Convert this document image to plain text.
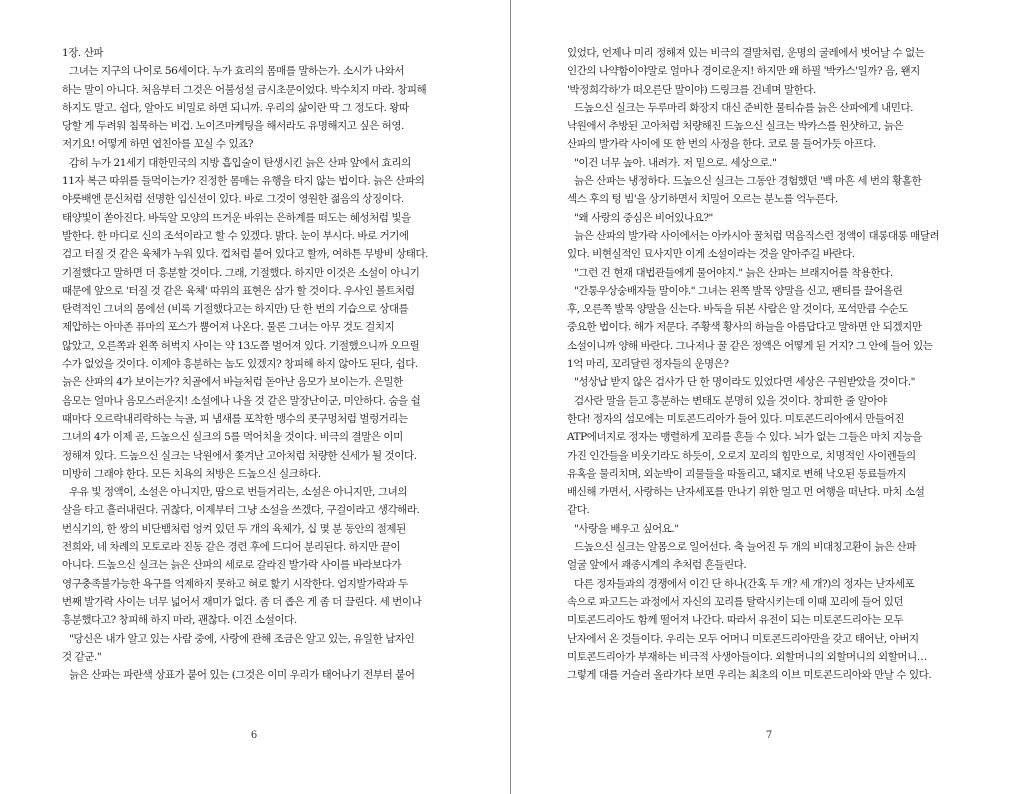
1장. 산파
그녀는 지구의 나이로 56세이다. 누가 효리의 몸매를 말하는가. 소시가 나와서
하는 말이 아니다. 처음부터 그것은 어불성설 금시초문이었다. 박수치지 마라. 창피해
하지도 말고. 쉽다, 알아도 비밀로 하면 되니까. 우리의 삶이란 딱 그 정도다. 왕따
당할 게 두려워 침묵하는 비겁. 노이즈마케팅을 해서라도 유명해지고 싶은 허영.
저기요! 어떻게 하면 엽친아를 꼬실 수 있죠?
감히 누가 21세기 대한민국의 지방 흡입술이 탄생시킨 늙은 산파 앞에서 효리의
11자 복근 따위를 들먹이는가? 진정한 몸매는 유행을 타지 않는 법이다. 늙은 산파의
야릇배엔 문신처럼 선명한 임신선이 있다. 바로 그것이 영원한 젊음의 상징이다.
태양빛이 쏟아진다. 바둑알 모양의 뜨거운 바위는 은하계를 떠도는 혜성처럼 빛을
발한다. 한 마디로 신의 조석이라고 할 수 있겠다. 밝다. 눈이 부시다. 바로 거기에
검고 터질 것 같은 육체가 누워 있다. 껍처럼 붙어 있다고 할까, 여하튼 무방비 상태다.
기절했다고 말하면 더 흥분할 것이다. 그래, 기절했다. 하지만 이것은 소설이 아니기
때문에 앞으로 '터질 것 같은 육체' 따위의 표현은 삼가 할 것이다. 우사인 볼트처럼
탄력적인 그녀의 몸에선 (비록 기절했다고는 하지만) 단 한 번의 기습으로 상대를
제압하는 아마존 퓨마의 포스가 뿜어져 나온다. 물론 그녀는 아무 것도 걸치지
않았고, 오른쪽과 왼쪽 허벅지 사이는 약 13도쯤 벌어져 있다. 기절했으니까 오므릴
수가 없었을 것이다. 이제야 흥분하는 놈도 있겠지? 창피해 하지 않아도 된다, 쉽다.
늙은 산파의 4가 보이는가? 치골에서 바늘처럼 돋아난 음모가 보이는가. 은밀한
음모는 얼마나 음모스러운지! 소설에나 나올 것 같은 말장난이군, 미안하다. 숨을 쉴
때마다 오르락내리락하는 늑골, 피 냄새를 포착한 맹수의 콧구멍처럼 벌렁거리는
그녀의 4가 이제 곧, 드높으신 실크의 5를 먹어치울 것이다. 비극의 결말은 이미
정해져 있다. 드높으신 실크는 낙원에서 쫓겨난 고아처럼 처량한 신세가 될 것이다.
미방히 그래야 한다. 모든 치욕의 처방은 드높으신 실크하다.
우유 빛 정액이, 소설은 아니지만, 땀으로 번들거리는, 소설은 아니지만, 그녀의
살을 타고 흘러내린다. 귀찮다, 이제부터 그냥 소설을 쓰겠다, 구걸이라고 생각해라.
번식기의, 한 쌍의 비단뱀처럼 엉켜 있던 두 개의 육체가, 십 몇 분 동안의 절제된
전희와, 네 차례의 모토로라 진동 같은 경련 후에 드디어 분리된다. 하지만 끝이
아니다. 드높으신 실크는 늙은 산파의 세로로 갈라진 발가락 사이를 바라보다가
영구충족불가능한 욕구를 억제하지 못하고 혀로 핥기 시작한다. 엄지발가락과 두
번째 발가락 사이는 너무 넓어서 재미가 없다. 좀 더 좁은 게 좀 더 끌린다. 세 번이나
흥분했다고? 창피해 하지 마라, 괜찮다. 이건 소설이다.
"당신은 내가 알고 있는 사람 중에, 사랑에 관해 조금은 알고 있는, 유일한 남자인
것 같군."
늙은 산파는 파란색 상표가 붙어 있는 (그것은 이미 우리가 태어나기 전부터 붙어
6
있었다, 언제나 미리 정해져 있는 비극의 결말처럼, 운명의 굴레에서 벗어날 수 없는
인간의 나약함이야말로 얼마나 경이로운지! 하지만 왜 하필 '박카스'일까? 음, 왠지
'박정희각하'가 떠오른단 말이야) 드링크를 건네며 말한다.
드높으신 실크는 두루마리 화장지 대신 준비한 물티슈를 늙은 산파에게 내민다.
낙원에서 추방된 고아처럼 처량해진 드높으신 실크는 박카스를 원샷하고, 늙은
산파의 발가락 사이에 또 한 번의 사정을 한다. 코로 물 들어가듯 아프다.
"이건 너무 높아. 내려가. 저 밑으로. 세상으로."
늙은 산파는 냉정하다. 드높으신 실크는 그동안 경험했던 '백 마흔 세 번의 황홀한
섹스 후의 텅 빔'을 상기하면서 치밀어 오르는 분노를 억누른다.
"왜 사랑의 중심은 비어있나요?"
늙은 산파의 발가락 사이에서는 아카시아 꿀처럼 먹음직스런 정액이 대롱대롱 매달려
있다. 비현실적인 묘사지만 이게 소설이라는 것을 알아주길 바란다.
"그런 건 현재 대법관들에게 물어야지." 늙은 산파는 브래지어를 착용한다.
"간통우상숭배자들 말이야." 그녀는 왼쪽 발목 양말을 신고, 팬티를 끌어올린
후, 오른쪽 발목 양말을 신는다. 바둑을 뒤본 사람은 알 것이다, 포석만큼 수순도
중요한 법이다. 해가 저문다. 주황색 황사의 하늘을 아름답다고 말하면 안 되겠지만
소설이니까 양해 바란다. 그나저나 꿀 같은 정액은 어떻게 된 거지? 그 안에 들어 있는
1억 마리, 꼬리달린 정자들의 운명은?
"성상납 받지 않은 검사가 단 한 명이라도 있었다면 세상은 구원받았을 것이다."
검사란 말을 듣고 흥분하는 변태도 분명히 있을 것이다. 창피한 줄 알아야
한다! 정자의 섬모에는 미토콘드리아가 들어 있다. 미토콘드리아에서 만들어진
ATP에너지로 정자는 맹렬하게 꼬리를 흔들 수 있다. 뇌가 없는 그들은 마치 지능을
가진 인간들을 비웃기라도 하듯이, 오로지 꼬리의 힘만으로, 치명적인 사이렌들의
유혹을 물리치며, 외눈박이 괴물들을 따돌리고, 돼지로 변해 낙오된 동료들까지
배신해 가면서, 사랑하는 난자세포를 만나기 위한 멀고 먼 여행을 떠난다. 마치 소설
같다.
"사랑을 배우고 싶어요."
드높으신 실크는 알몸으로 일어선다. 축 늘어진 두 개의 비대칭고환이 늙은 산파
얼굴 앞에서 괘종시계의 추처럼 흔들린다.
다른 정자들과의 경쟁에서 이긴 단 하나(간혹 두 개? 세 개?)의 정자는 난자세포
속으로 파고드는 과정에서 자신의 꼬리를 탈락시키는데 이때 꼬리에 들어 있던
미토콘드리아도 함께 떨어져 나간다. 따라서 유전이 되는 미토콘드리아는 모두
난자에서 온 것들이다. 우리는 모두 어머니 미토콘드리아만을 갖고 태어난, 아버지
미토콘드리아가 부재하는 비극적 사생아들이다. 외할머니의 외할머니의 외할머니…
그렇게 대를 거슬러 올라가다 보면 우리는 최초의 이브 미토콘드리아와 만날 수 있다.
7
